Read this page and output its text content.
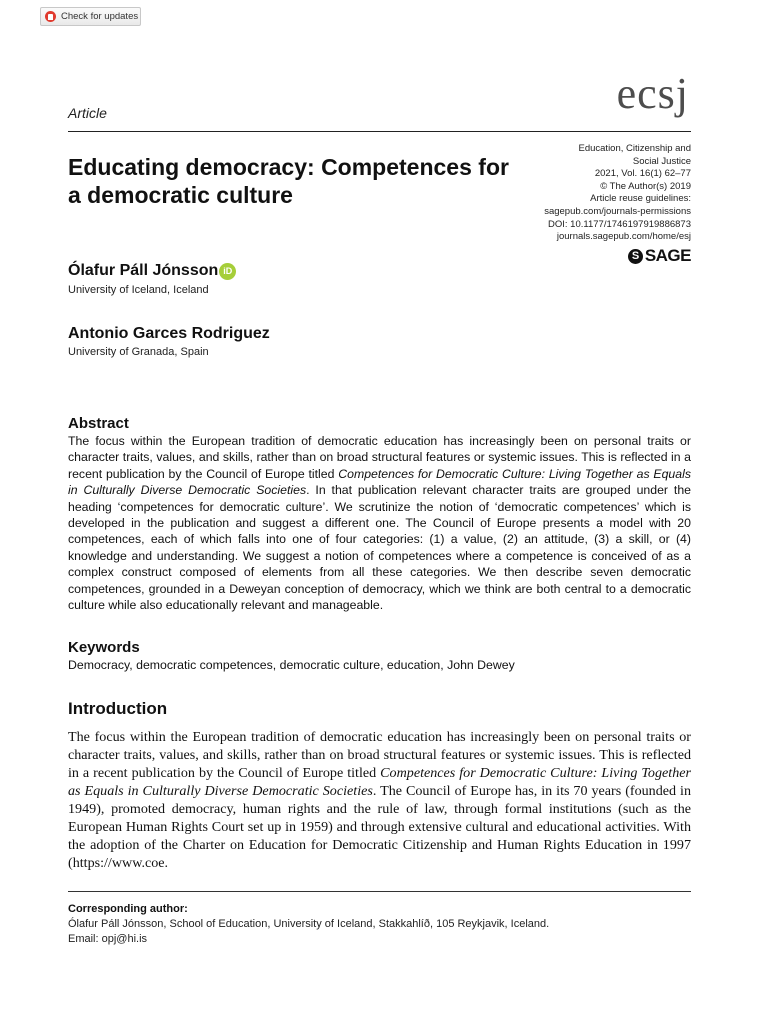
Check for updates
Article	ecsj
Educating democracy: Competences for a democratic culture
Education, Citizenship and
Social Justice
2021, Vol. 16(1) 62–77
© The Author(s) 2019
Article reuse guidelines:
sagepub.com/journals-permissions
DOI: 10.1177/1746197919886873
journals.sagepub.com/home/esj
S SAGE
Ólafur Páll Jónsson iD
University of Iceland, Iceland
Antonio Garces Rodriguez
University of Granada, Spain
Abstract
The focus within the European tradition of democratic education has increasingly been on personal traits or character traits, values, and skills, rather than on broad structural features or systemic issues. This is reflected in a recent publication by the Council of Europe titled Competences for Democratic Culture: Living Together as Equals in Culturally Diverse Democratic Societies. In that publication relevant character traits are grouped under the heading ‘competences for democratic culture’. We scrutinize the notion of ‘democratic competences’ which is developed in the publication and suggest a different one. The Council of Europe presents a model with 20 competences, each of which falls into one of four categories: (1) a value, (2) an attitude, (3) a skill, or (4) knowledge and understanding. We suggest a notion of competences where a competence is conceived of as a complex construct composed of elements from all these categories. We then describe seven democratic competences, grounded in a Deweyan conception of democracy, which we think are both central to a democratic culture while also educationally relevant and manageable.
Keywords
Democracy, democratic competences, democratic culture, education, John Dewey
Introduction

The focus within the European tradition of democratic education has increasingly been on personal traits or character traits, values, and skills, rather than on broad structural features or systemic issues. This is reflected in a recent publication by the Council of Europe titled Competences for Democratic Culture: Living Together as Equals in Culturally Diverse Democratic Societies. The Council of Europe has, in its 70 years (founded in 1949), promoted democracy, human rights and the rule of law, through formal institutions (such as the European Human Rights Court set up in 1959) and through extensive cultural and educational activities. With the adoption of the Charter on Education for Democratic Citizenship and Human Rights Education in 1997 (https://www.coe.

Corresponding author:
Ólafur Páll Jónsson, School of Education, University of Iceland, Stakkahlíð, 105 Reykjavik, Iceland.
Email: opj@hi.is
